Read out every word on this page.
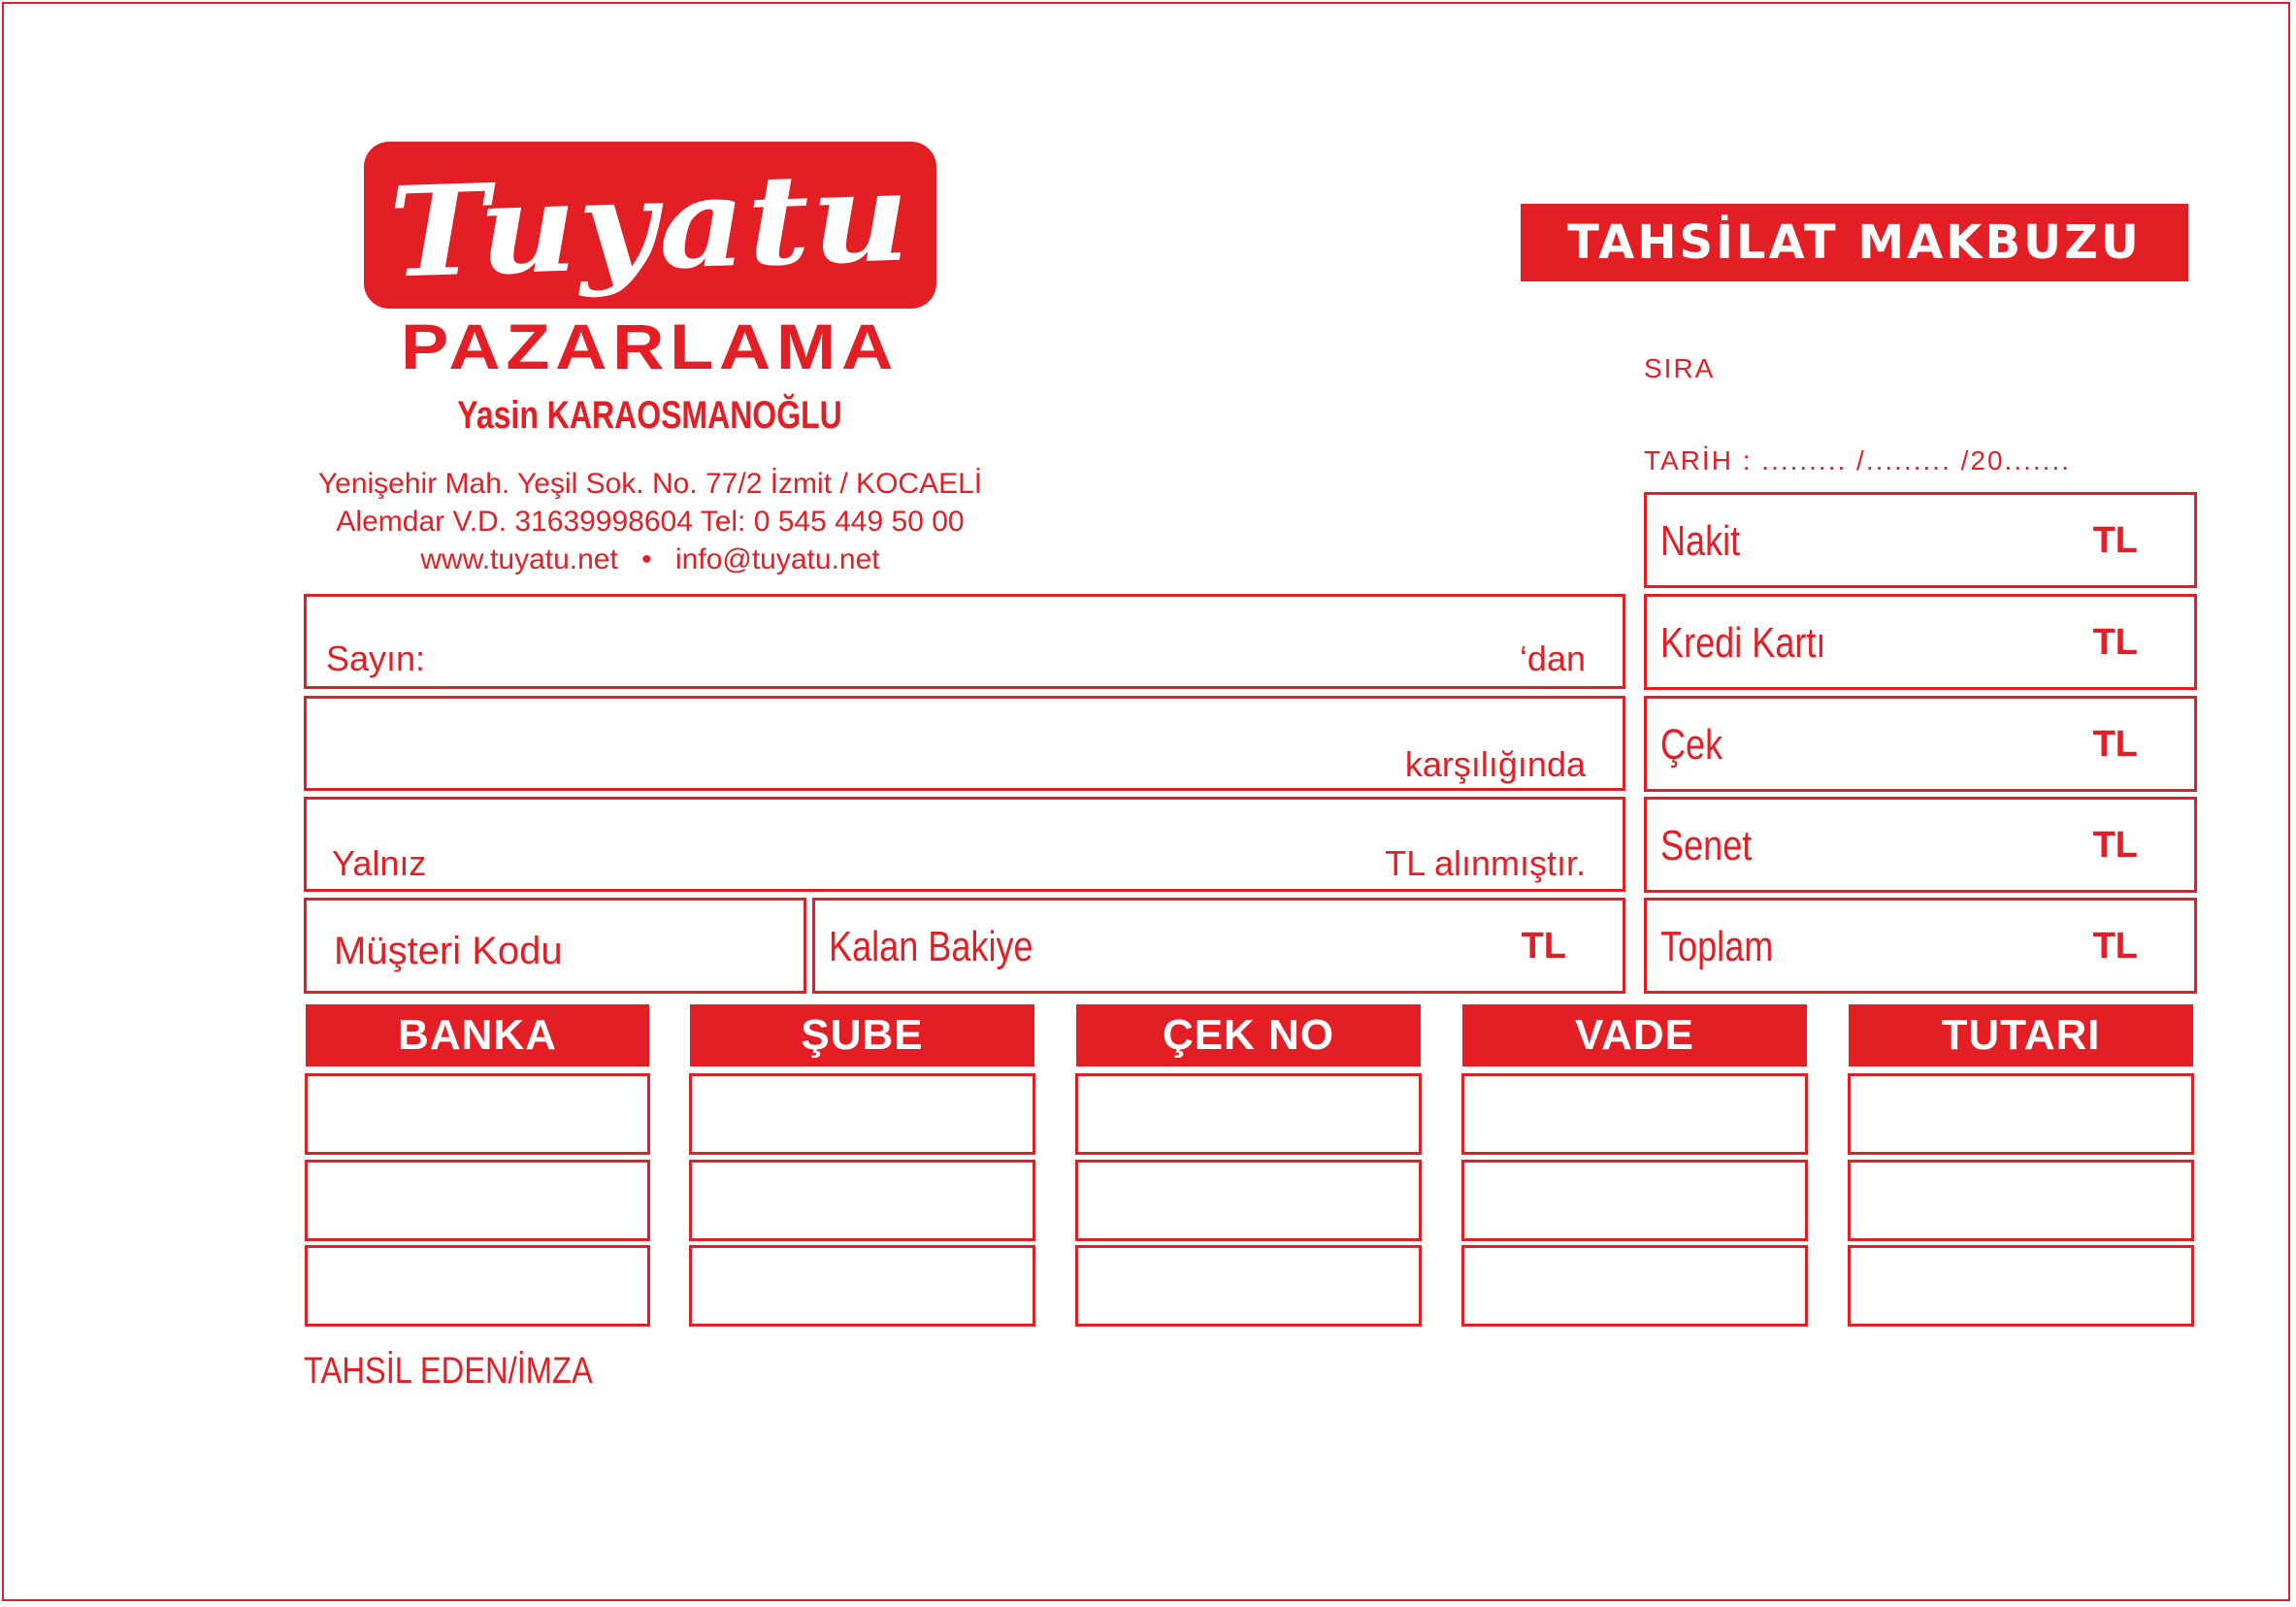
Tuyatu
PAZARLAMA
Yasin KARAOSMANOĞLU
Yenişehir Mah. Yeşil Sok. No. 77/2 İzmit / KOCAELİ
Alemdar V.D. 31639998604 Tel: 0 545 449 50 00
www.tuyatu.net • info@tuyatu.net
TAHSİLAT MAKBUZU
SIRA
TARİH : ......... /......... /20.......
Sayın:	‘dan
karşılığında
Yalnız	TL alınmıştır.
Müşteri Kodu	Kalan Bakiye	TL
Nakit	TL
Kredi Kartı	TL
Çek	TL
Senet	TL
Toplam	TL
BANKA	ŞUBE	ÇEK NO	VADE	TUTARI
TAHSİL EDEN/İMZA
